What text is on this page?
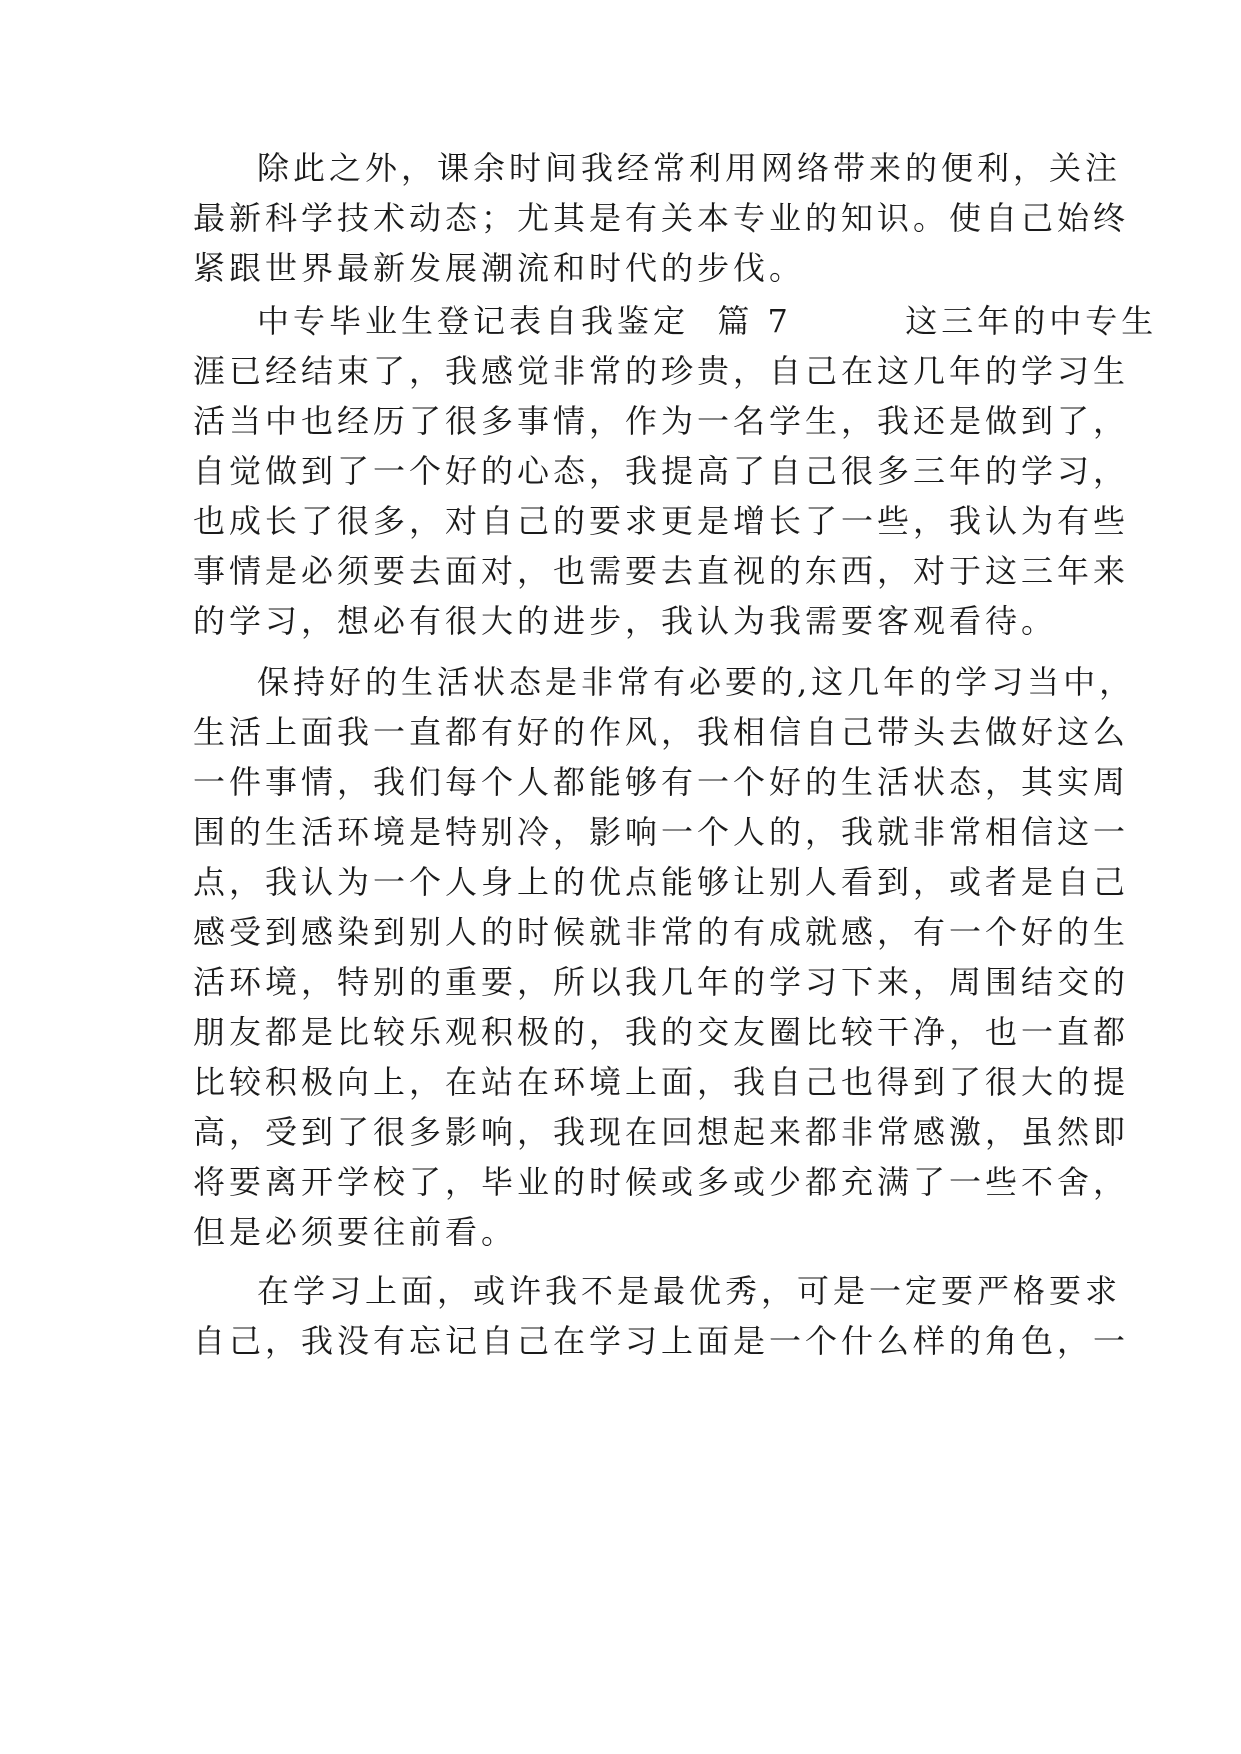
除此之外，课余时间我经常利用网络带来的便利，关注
最新科学技术动态；尤其是有关本专业的知识。使自己始终
紧跟世界最新发展潮流和时代的步伐。
中专毕业生登记表自我鉴定  篇 7        这三年的中专生
涯已经结束了，我感觉非常的珍贵，自己在这几年的学习生
活当中也经历了很多事情，作为一名学生，我还是做到了，
自觉做到了一个好的心态，我提高了自己很多三年的学习，
也成长了很多，对自己的要求更是增长了一些，我认为有些
事情是必须要去面对，也需要去直视的东西，对于这三年来
的学习，想必有很大的进步，我认为我需要客观看待。
保持好的生活状态是非常有必要的,这几年的学习当中，
生活上面我一直都有好的作风，我相信自己带头去做好这么
一件事情，我们每个人都能够有一个好的生活状态，其实周
围的生活环境是特别冷，影响一个人的，我就非常相信这一
点，我认为一个人身上的优点能够让别人看到，或者是自己
感受到感染到别人的时候就非常的有成就感，有一个好的生
活环境，特别的重要，所以我几年的学习下来，周围结交的
朋友都是比较乐观积极的，我的交友圈比较干净，也一直都
比较积极向上，在站在环境上面，我自己也得到了很大的提
高，受到了很多影响，我现在回想起来都非常感激，虽然即
将要离开学校了，毕业的时候或多或少都充满了一些不舍，
但是必须要往前看。
在学习上面，或许我不是最优秀，可是一定要严格要求
自己，我没有忘记自己在学习上面是一个什么样的角色，一
